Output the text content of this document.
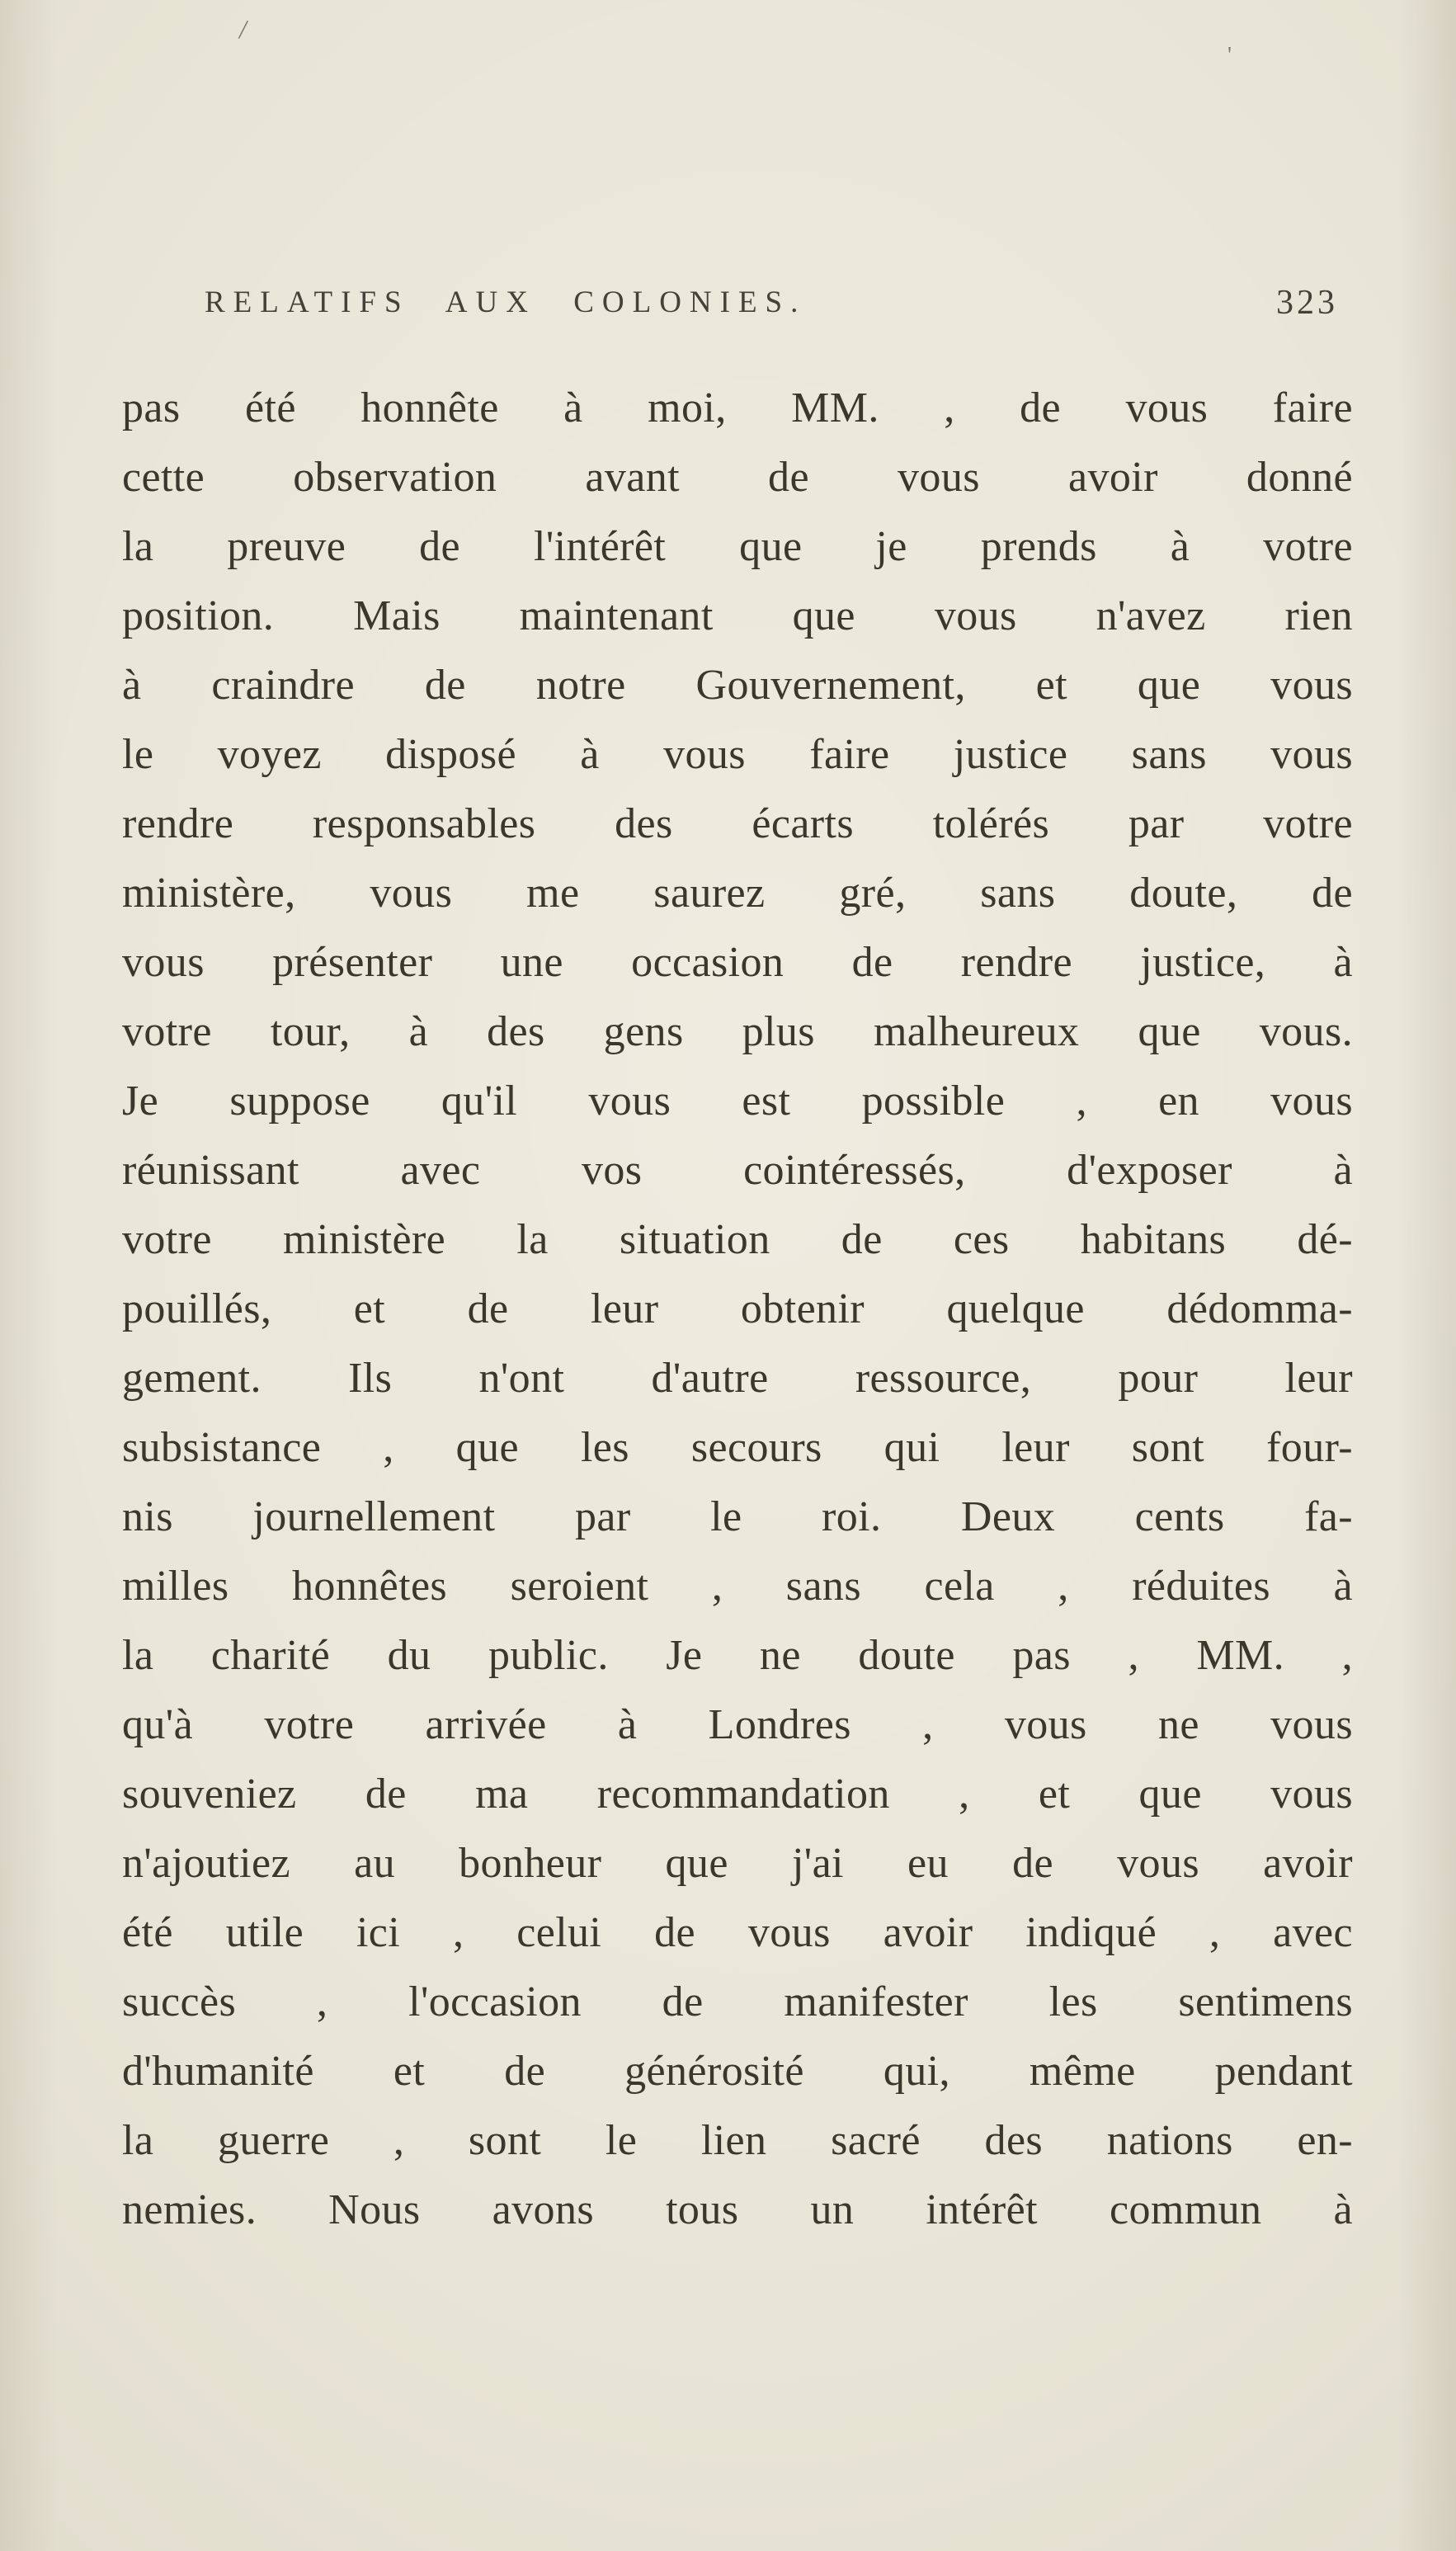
/
'
RELATIFS AUX COLONIES.	323
pas été honnête à moi, MM. , de vous faire
cette observation avant de vous avoir donné
la preuve de l'intérêt que je prends à votre
position. Mais maintenant que vous n'avez rien
à craindre de notre Gouvernement, et que vous
le voyez disposé à vous faire justice sans vous
rendre responsables des écarts tolérés par votre
ministère, vous me saurez gré, sans doute, de
vous présenter une occasion de rendre justice, à
votre tour, à des gens plus malheureux que vous.
Je suppose qu'il vous est possible , en vous
réunissant avec vos cointéressés, d'exposer à
votre ministère la situation de ces habitans dé-
pouillés, et de leur obtenir quelque dédomma-
gement. Ils n'ont d'autre ressource, pour leur
subsistance , que les secours qui leur sont four-
nis journellement par le roi. Deux cents fa-
milles honnêtes seroient , sans cela , réduites à
la charité du public. Je ne doute pas , MM. ,
qu'à votre arrivée à Londres , vous ne vous
souveniez de ma recommandation , et que vous
n'ajoutiez au bonheur que j'ai eu de vous avoir
été utile ici , celui de vous avoir indiqué , avec
succès , l'occasion de manifester les sentimens
d'humanité et de générosité qui, même pendant
la guerre , sont le lien sacré des nations en-
nemies. Nous avons tous un intérêt commun à
